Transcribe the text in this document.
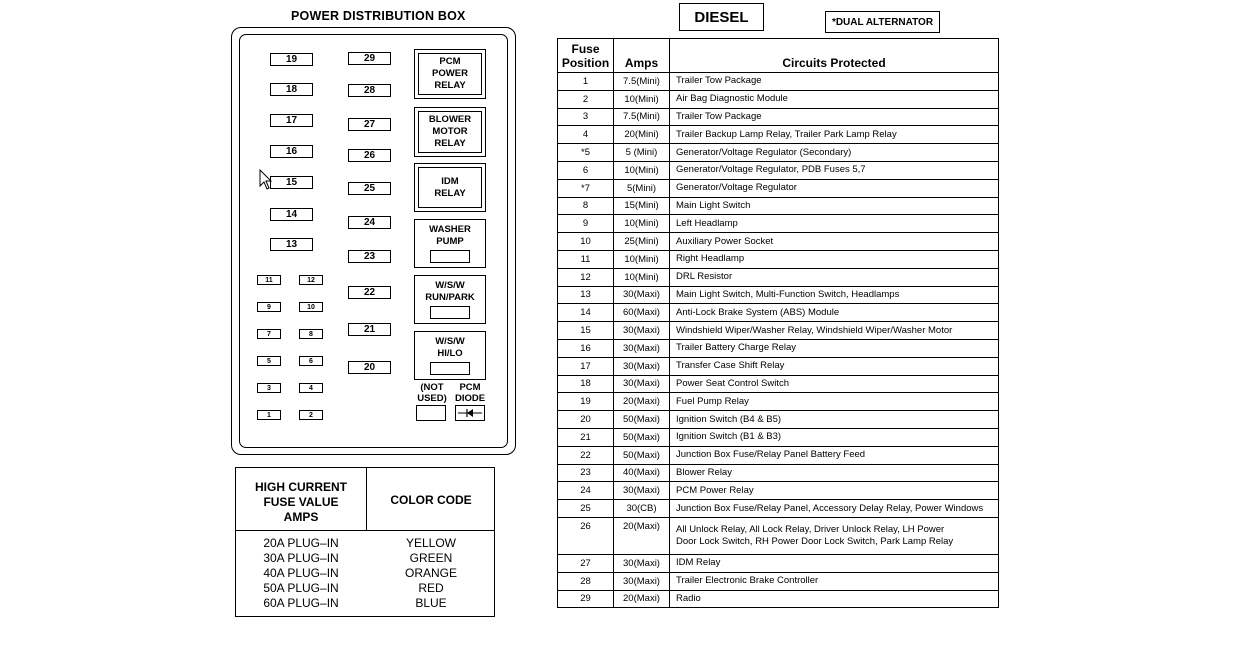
POWER DISTRIBUTION BOX
19
18
17
16
15
14
13
29
28
27
26
25
24
23
22
21
20
11
9
7
5
3
1
12
10
8
6
4
2
PCM
POWER
RELAY
BLOWER
MOTOR
RELAY
IDM
RELAY
WASHER
PUMP
W/S/W
RUN/PARK
W/S/W
HI/LO
(NOT
USED)
PCM
DIODE
HIGH CURRENT
FUSE VALUE
AMPS
COLOR CODE
20A PLUG–IN	YELLOW
30A PLUG–IN	GREEN
40A PLUG–IN	ORANGE
50A PLUG–IN	RED
60A PLUG–IN	BLUE
DIESEL	*DUAL ALTERNATOR
Fuse
Position	Amps	Circuits Protected
1	7.5(Mini)	Trailer Tow Package
2	10(Mini)	Air Bag Diagnostic Module
3	7.5(Mini)	Trailer Tow Package
4	20(Mini)	Trailer Backup Lamp Relay, Trailer Park Lamp Relay
*5	5 (Mini)	Generator/Voltage Regulator (Secondary)
6	10(Mini)	Generator/Voltage Regulator, PDB Fuses 5,7
*7	5(Mini)	Generator/Voltage Regulator
8	15(Mini)	Main Light Switch
9	10(Mini)	Left Headlamp
10	25(Mini)	Auxiliary Power Socket
11	10(Mini)	Right Headlamp
12	10(Mini)	DRL Resistor
13	30(Maxi)	Main Light Switch, Multi-Function Switch, Headlamps
14	60(Maxi)	Anti-Lock Brake System (ABS) Module
15	30(Maxi)	Windshield Wiper/Washer Relay, Windshield Wiper/Washer Motor
16	30(Maxi)	Trailer Battery Charge Relay
17	30(Maxi)	Transfer Case Shift Relay
18	30(Maxi)	Power Seat Control Switch
19	20(Maxi)	Fuel Pump Relay
20	50(Maxi)	Ignition Switch (B4 & B5)
21	50(Maxi)	Ignition Switch (B1 & B3)
22	50(Maxi)	Junction Box Fuse/Relay Panel Battery Feed
23	40(Maxi)	Blower Relay
24	30(Maxi)	PCM Power Relay
25	30(CB)	Junction Box Fuse/Relay Panel, Accessory Delay Relay, Power Windows
26	20(Maxi)	All Unlock Relay, All Lock Relay, Driver Unlock Relay, LH Power
Door Lock Switch, RH Power Door Lock Switch, Park Lamp Relay
27	30(Maxi)	IDM Relay
28	30(Maxi)	Trailer Electronic Brake Controller
29	20(Maxi)	Radio
